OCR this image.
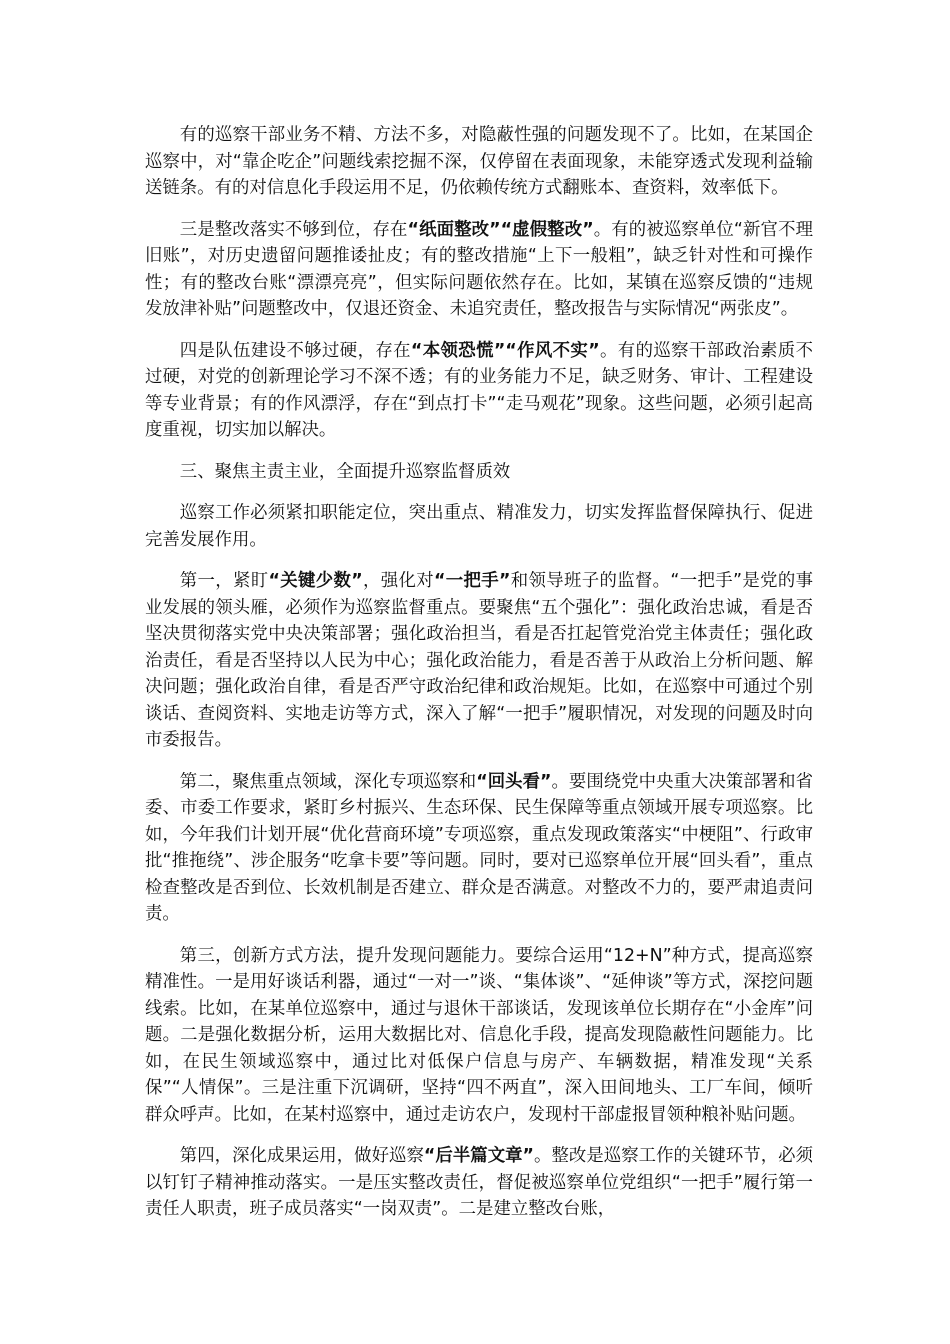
有的巡察干部业务不精、方法不多，对隐蔽性强的问题发现不了。比如，在某国企巡察中，对“靠企吃企”问题线索挖掘不深，仅停留在表面现象，未能穿透式发现利益输送链条。有的对信息化手段运用不足，仍依赖传统方式翻账本、查资料，效率低下。

三是整改落实不够到位，存在“纸面整改”“虚假整改”。有的被巡察单位“新官不理旧账”，对历史遗留问题推诿扯皮；有的整改措施“上下一般粗”，缺乏针对性和可操作性；有的整改台账“漂漂亮亮”，但实际问题依然存在。比如，某镇在巡察反馈的“违规发放津补贴”问题整改中，仅退还资金、未追究责任，整改报告与实际情况“两张皮”。

四是队伍建设不够过硬，存在“本领恐慌”“作风不实”。有的巡察干部政治素质不过硬，对党的创新理论学习不深不透；有的业务能力不足，缺乏财务、审计、工程建设等专业背景；有的作风漂浮，存在“到点打卡”“走马观花”现象。这些问题，必须引起高度重视，切实加以解决。

三、聚焦主责主业，全面提升巡察监督质效

巡察工作必须紧扣职能定位，突出重点、精准发力，切实发挥监督保障执行、促进完善发展作用。

第一，紧盯“关键少数”，强化对“一把手”和领导班子的监督。“一把手”是党的事业发展的领头雁，必须作为巡察监督重点。要聚焦“五个强化”：强化政治忠诚，看是否坚决贯彻落实党中央决策部署；强化政治担当，看是否扛起管党治党主体责任；强化政治责任，看是否坚持以人民为中心；强化政治能力，看是否善于从政治上分析问题、解决问题；强化政治自律，看是否严守政治纪律和政治规矩。比如，在巡察中可通过个别谈话、查阅资料、实地走访等方式，深入了解“一把手”履职情况，对发现的问题及时向市委报告。

第二，聚焦重点领域，深化专项巡察和“回头看”。要围绕党中央重大决策部署和省委、市委工作要求，紧盯乡村振兴、生态环保、民生保障等重点领域开展专项巡察。比如，今年我们计划开展“优化营商环境”专项巡察，重点发现政策落实“中梗阻”、行政审批“推拖绕”、涉企服务“吃拿卡要”等问题。同时，要对已巡察单位开展“回头看”，重点检查整改是否到位、长效机制是否建立、群众是否满意。对整改不力的，要严肃追责问责。

第三，创新方式方法，提升发现问题能力。要综合运用“12+N”种方式，提高巡察精准性。一是用好谈话利器，通过“一对一”谈、“集体谈”、“延伸谈”等方式，深挖问题线索。比如，在某单位巡察中，通过与退休干部谈话，发现该单位长期存在“小金库”问题。二是强化数据分析，运用大数据比对、信息化手段，提高发现隐蔽性问题能力。比如，在民生领域巡察中，通过比对低保户信息与房产、车辆数据，精准发现“关系保”“人情保”。三是注重下沉调研，坚持“四不两直”，深入田间地头、工厂车间，倾听群众呼声。比如，在某村巡察中，通过走访农户，发现村干部虚报冒领种粮补贴问题。

第四，深化成果运用，做好巡察“后半篇文章”。整改是巡察工作的关键环节，必须以钉钉子精神推动落实。一是压实整改责任，督促被巡察单位党组织“一把手”履行第一责任人职责，班子成员落实“一岗双责”。二是建立整改台账，
